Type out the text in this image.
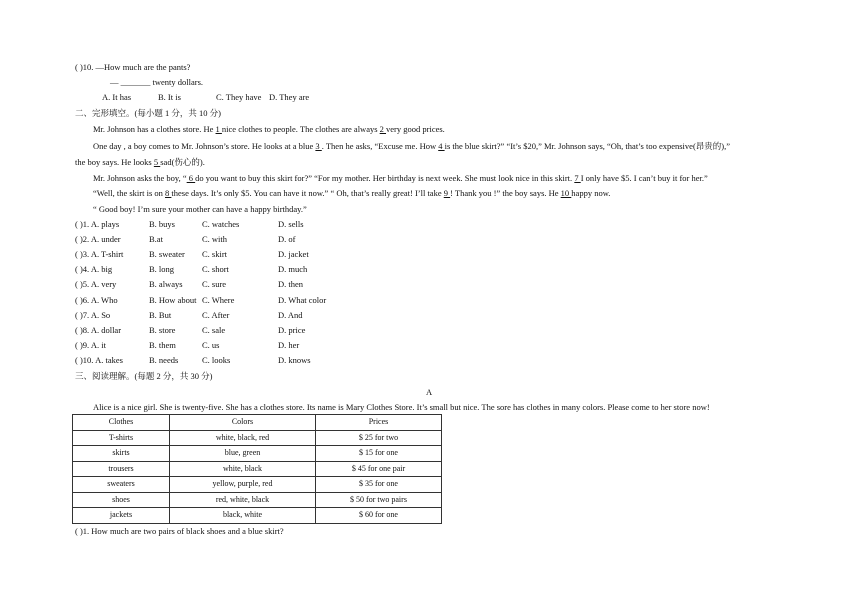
( )10. —How much are the pants?
— _______ twenty dollars.
A. It has	B. It is	C. They have D. They are
二、完形填空。(每小题 1 分，共 10 分)
Mr. Johnson has a clothes store. He 1 nice clothes to people. The clothes are always 2 very good prices.
One day , a boy comes to Mr. Johnson’s store. He looks at a blue 3 . Then he asks, “Excuse me. How 4 is the blue skirt?” “It’s $20,” Mr. Johnson says, “Oh, that’s too expensive(昂贵的),”
the boy says. He looks 5 sad(伤心的).
Mr. Johnson asks the boy, “ 6 do you want to buy this skirt for?” “For my mother. Her birthday is next week. She must look nice in this skirt. 7 I only have $5. I can’t buy it for her.”
“Well, the skirt is on 8 these days. It’s only $5. You can have it now.” “ Oh, that’s really great! I’ll take 9 ! Thank you !” the boy says. He 10 happy now.
“ Good boy! I’m sure your mother can have a happy birthday.”
( )1. A. plays	B. buys	C. watches	D. sells
( )2. A. under	B.at	C. with	D. of
( )3. A. T-shirt	B. sweater C. skirt	D. jacket
( )4. A. big	B. long	C. short	D. much
( )5. A. very	B. always C. sure	D. then
( )6. A. Who	B. How about C. Where	D. What color
( )7. A. So	B. But	C. After	D. And
( )8. A. dollar	B. store	C. sale	D. price
( )9. A. it	B. them	C. us	D. her
( )10. A. takes	B. needs	C. looks	D. knows
三、阅读理解。(每题 2 分，共 30 分)
A
Alice is a nice girl. She is twenty-five. She has a clothes store. Its name is Mary Clothes Store. It’s small but nice. The sore has clothes in many colors. Please come to her store now!
Clothes	Colors	Prices
T-shirts	white, black, red	$ 25 for two
skirts	blue, green	$ 15 for one
trousers	white, black	$ 45 for one pair
sweaters	yellow, purple, red	$ 35 for one
shoes	red, white, black	$ 50 for two pairs
jackets	black, white	$ 60 for one
( )1. How much are two pairs of black shoes and a blue skirt?
